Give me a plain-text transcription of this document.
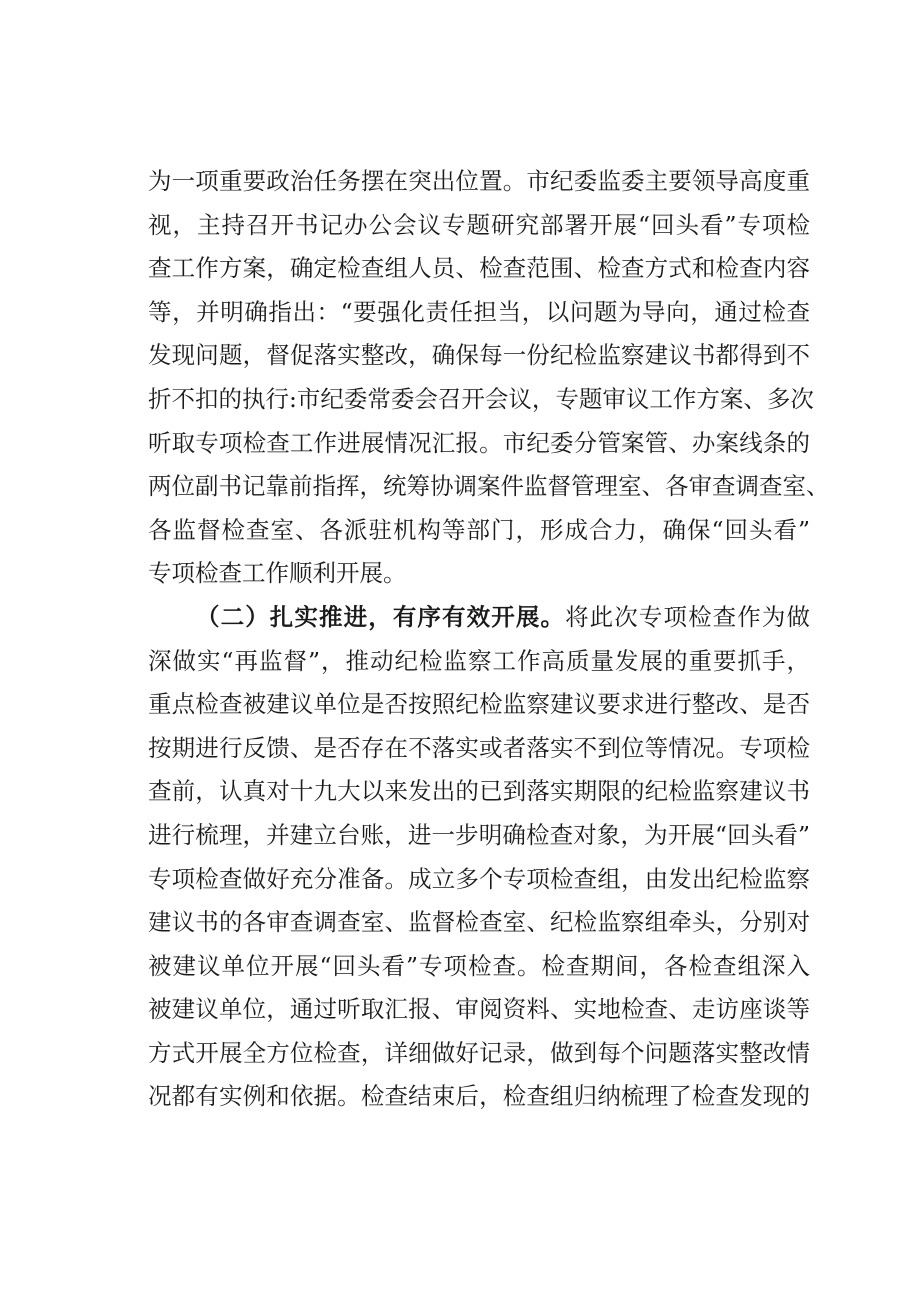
为一项重要政治任务摆在突出位置。市纪委监委主要领导高度重
视，主持召开书记办公会议专题研究部署开展“回头看”专项检
查工作方案，确定检查组人员、检查范围、检查方式和检查内容
等，并明确指出：“要强化责任担当，以问题为导向，通过检查
发现问题，督促落实整改，确保每一份纪检监察建议书都得到不
折不扣的执行:市纪委常委会召开会议，专题审议工作方案、多次
听取专项检查工作进展情况汇报。市纪委分管案管、办案线条的
两位副书记靠前指挥，统筹协调案件监督管理室、各审查调查室、
各监督检查室、各派驻机构等部门，形成合力，确保“回头看”
专项检查工作顺利开展。
（二）扎实推进，有序有效开展。将此次专项检查作为做
深做实“再监督”，推动纪检监察工作高质量发展的重要抓手，
重点检查被建议单位是否按照纪检监察建议要求进行整改、是否
按期进行反馈、是否存在不落实或者落实不到位等情况。专项检
查前，认真对十九大以来发出的已到落实期限的纪检监察建议书
进行梳理，并建立台账，进一步明确检查对象，为开展“回头看”
专项检查做好充分准备。成立多个专项检查组，由发出纪检监察
建议书的各审查调查室、监督检查室、纪检监察组牵头，分别对
被建议单位开展“回头看”专项检查。检查期间，各检查组深入
被建议单位，通过听取汇报、审阅资料、实地检查、走访座谈等
方式开展全方位检查，详细做好记录，做到每个问题落实整改情
况都有实例和依据。检查结束后，检查组归纳梳理了检查发现的
